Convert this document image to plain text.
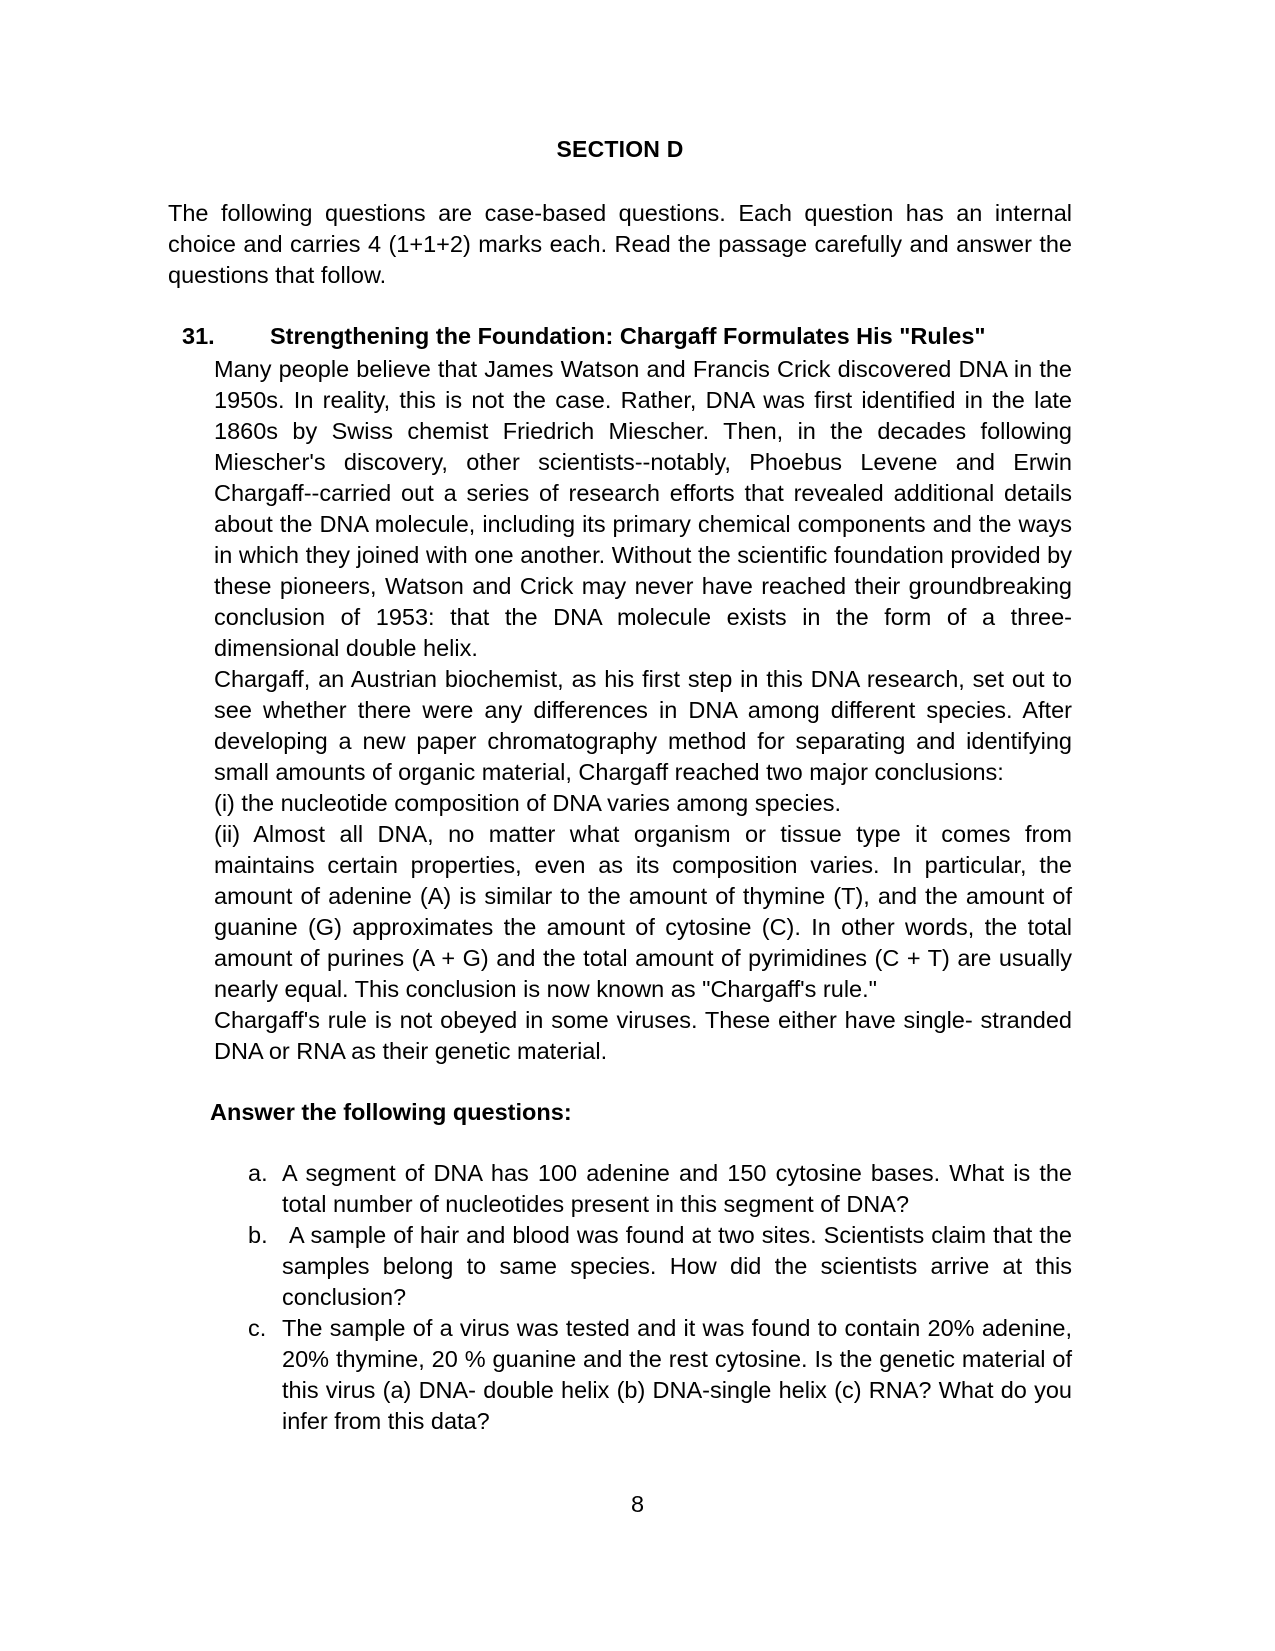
SECTION D

The following questions are case-based questions. Each question has an internal choice and carries 4 (1+1+2) marks each. Read the passage carefully and answer the questions that follow.

31.	Strengthening the Foundation: Chargaff Formulates His "Rules"

Many people believe that James Watson and Francis Crick discovered DNA in the 1950s. In reality, this is not the case. Rather, DNA was first identified in the late 1860s by Swiss chemist Friedrich Miescher. Then, in the decades following Miescher's discovery, other scientists--notably, Phoebus Levene and Erwin Chargaff--carried out a series of research efforts that revealed additional details about the DNA molecule, including its primary chemical components and the ways in which they joined with one another. Without the scientific foundation provided by these pioneers, Watson and Crick may never have reached their groundbreaking conclusion of 1953: that the DNA molecule exists in the form of a three-dimensional double helix.

Chargaff, an Austrian biochemist, as his first step in this DNA research, set out to see whether there were any differences in DNA among different species. After developing a new paper chromatography method for separating and identifying small amounts of organic material, Chargaff reached two major conclusions:

(i) the nucleotide composition of DNA varies among species.

(ii) Almost all DNA, no matter what organism or tissue type it comes from maintains certain properties, even as its composition varies. In particular, the amount of adenine (A) is similar to the amount of thymine (T), and the amount of guanine (G) approximates the amount of cytosine (C). In other words, the total amount of purines (A + G) and the total amount of pyrimidines (C + T) are usually nearly equal. This conclusion is now known as "Chargaff's rule."

Chargaff's rule is not obeyed in some viruses. These either have single- stranded DNA or RNA as their genetic material.

Answer the following questions:
a. A segment of DNA has 100 adenine and 150 cytosine bases. What is the total number of nucleotides present in this segment of DNA?
b. A sample of hair and blood was found at two sites. Scientists claim that the samples belong to same species. How did the scientists arrive at this conclusion?
c. The sample of a virus was tested and it was found to contain 20% adenine, 20% thymine, 20 % guanine and the rest cytosine. Is the genetic material of this virus (a) DNA- double helix (b) DNA-single helix (c) RNA? What do you infer from this data?
8
